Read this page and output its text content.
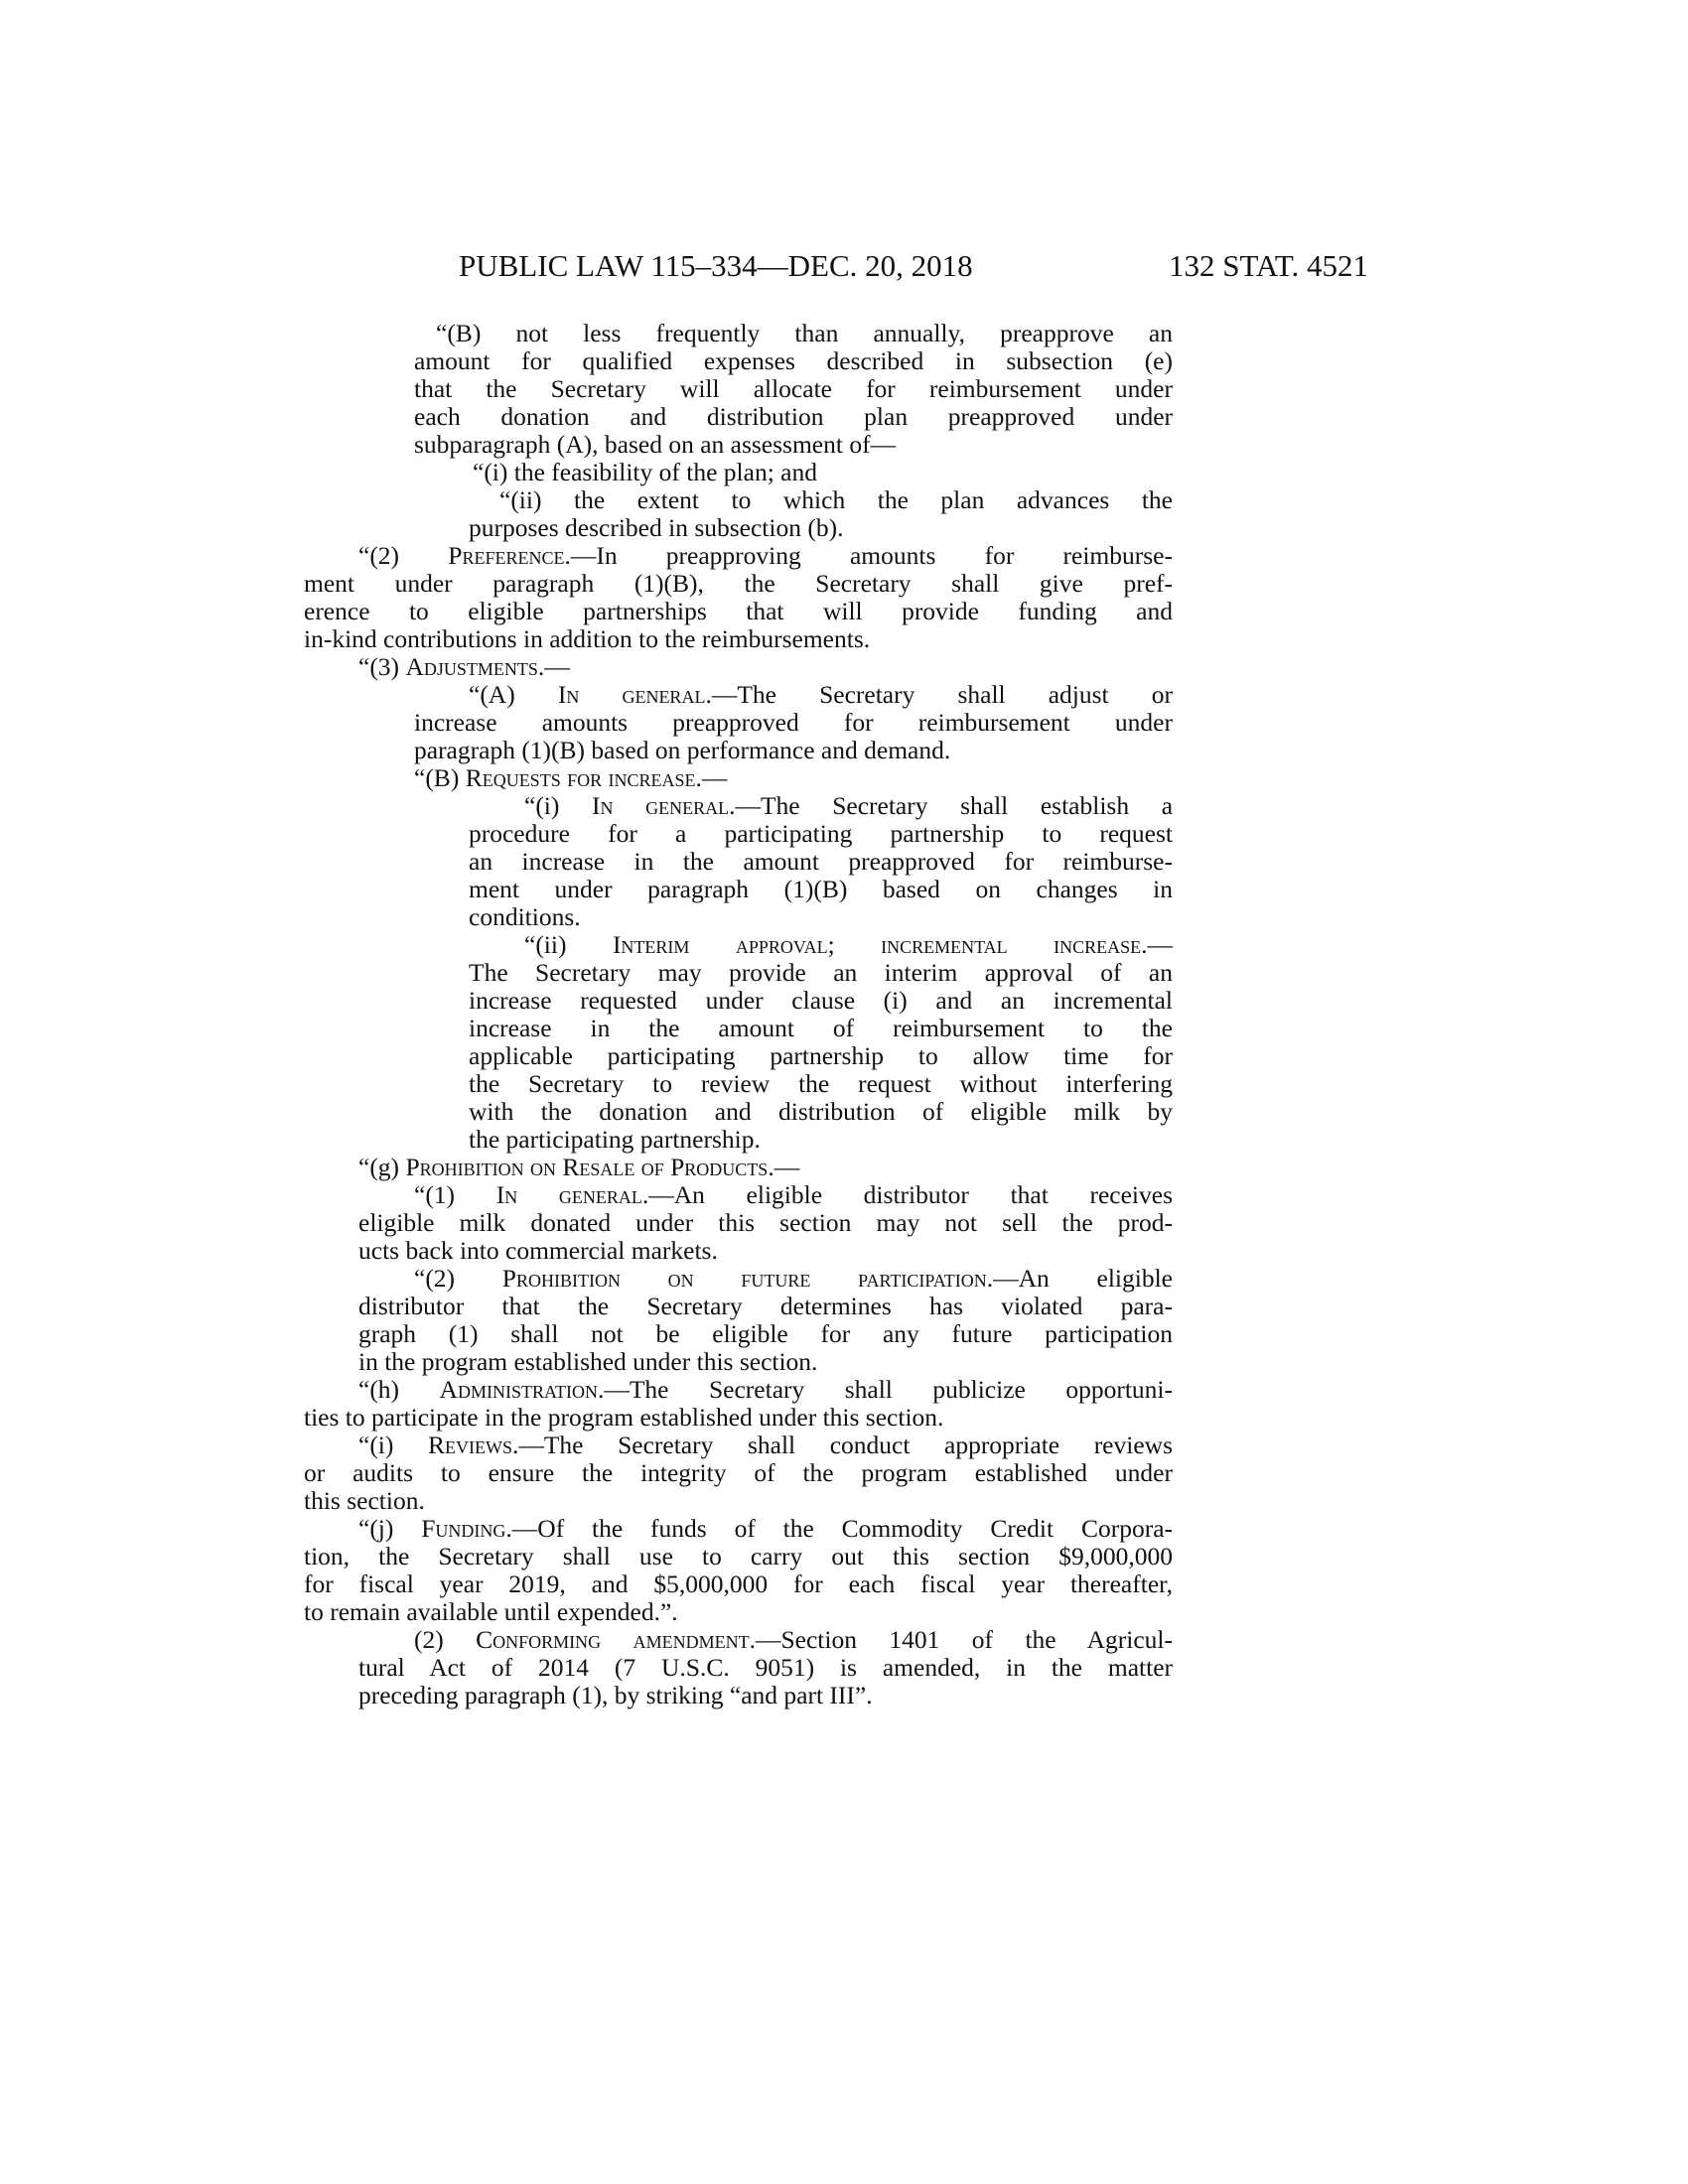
PUBLIC LAW 115–334—DEC. 20, 2018	132 STAT. 4521
“(B) not less frequently than annually, preapprove an
amount for qualified expenses described in subsection (e)
that the Secretary will allocate for reimbursement under
each donation and distribution plan preapproved under
subparagraph (A), based on an assessment of—
“(i) the feasibility of the plan; and
“(ii) the extent to which the plan advances the
purposes described in subsection (b).
“(2) Preference.—In preapproving amounts for reimburse-
ment under paragraph (1)(B), the Secretary shall give pref-
erence to eligible partnerships that will provide funding and
in-kind contributions in addition to the reimbursements.
“(3) Adjustments.—
“(A) In general.—The Secretary shall adjust or
increase amounts preapproved for reimbursement under
paragraph (1)(B) based on performance and demand.
“(B) Requests for increase.—
“(i) In general.—The Secretary shall establish a
procedure for a participating partnership to request
an increase in the amount preapproved for reimburse-
ment under paragraph (1)(B) based on changes in
conditions.
“(ii) Interim approval; incremental increase.—
The Secretary may provide an interim approval of an
increase requested under clause (i) and an incremental
increase in the amount of reimbursement to the
applicable participating partnership to allow time for
the Secretary to review the request without interfering
with the donation and distribution of eligible milk by
the participating partnership.
“(g) Prohibition on Resale of Products.—
“(1) In general.—An eligible distributor that receives
eligible milk donated under this section may not sell the prod-
ucts back into commercial markets.
“(2) Prohibition on future participation.—An eligible
distributor that the Secretary determines has violated para-
graph (1) shall not be eligible for any future participation
in the program established under this section.
“(h) Administration.—The Secretary shall publicize opportuni-
ties to participate in the program established under this section.
“(i) Reviews.—The Secretary shall conduct appropriate reviews
or audits to ensure the integrity of the program established under
this section.
“(j) Funding.—Of the funds of the Commodity Credit Corpora-
tion, the Secretary shall use to carry out this section $9,000,000
for fiscal year 2019, and $5,000,000 for each fiscal year thereafter,
to remain available until expended.”.
(2) Conforming amendment.—Section 1401 of the Agricul-
tural Act of 2014 (7 U.S.C. 9051) is amended, in the matter
preceding paragraph (1), by striking “and part III”.
